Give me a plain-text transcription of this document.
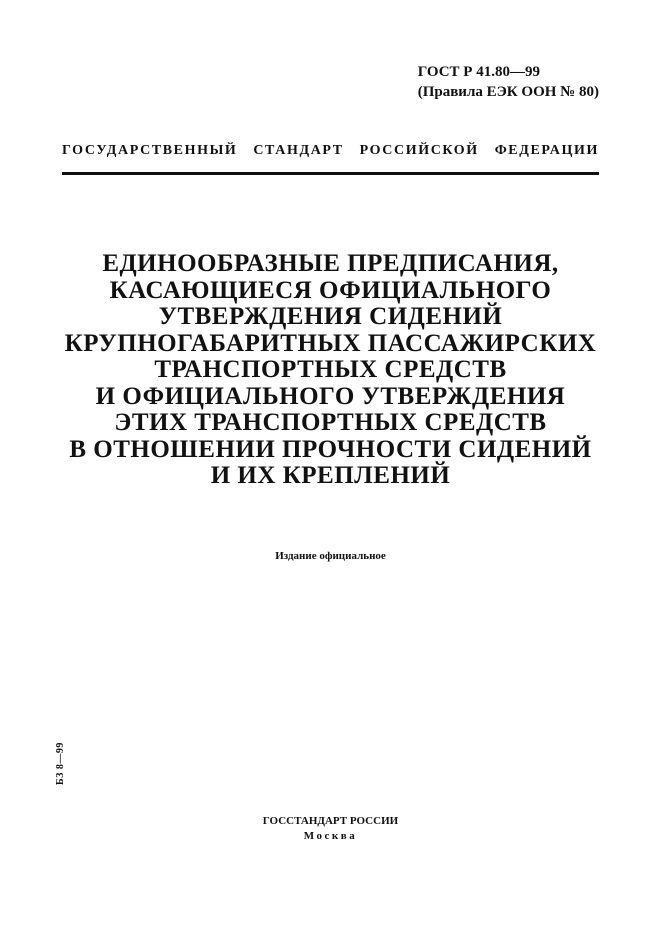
ГОСТ Р 41.80—99
(Правила ЕЭК ООН № 80)
ГОСУДАРСТВЕННЫЙ СТАНДАРТ РОССИЙСКОЙ ФЕДЕРАЦИИ
ЕДИНООБРАЗНЫЕ ПРЕДПИСАНИЯ,
КАСАЮЩИЕСЯ ОФИЦИАЛЬНОГО
УТВЕРЖДЕНИЯ СИДЕНИЙ
КРУПНОГАБАРИТНЫХ ПАССАЖИРСКИХ
ТРАНСПОРТНЫХ СРЕДСТВ
И ОФИЦИАЛЬНОГО УТВЕРЖДЕНИЯ
ЭТИХ ТРАНСПОРТНЫХ СРЕДСТВ
В ОТНОШЕНИИ ПРОЧНОСТИ СИДЕНИЙ
И ИХ КРЕПЛЕНИЙ
Издание официальное
БЗ 8—99
ГОССТАНДАРТ РОССИИ
Москва
